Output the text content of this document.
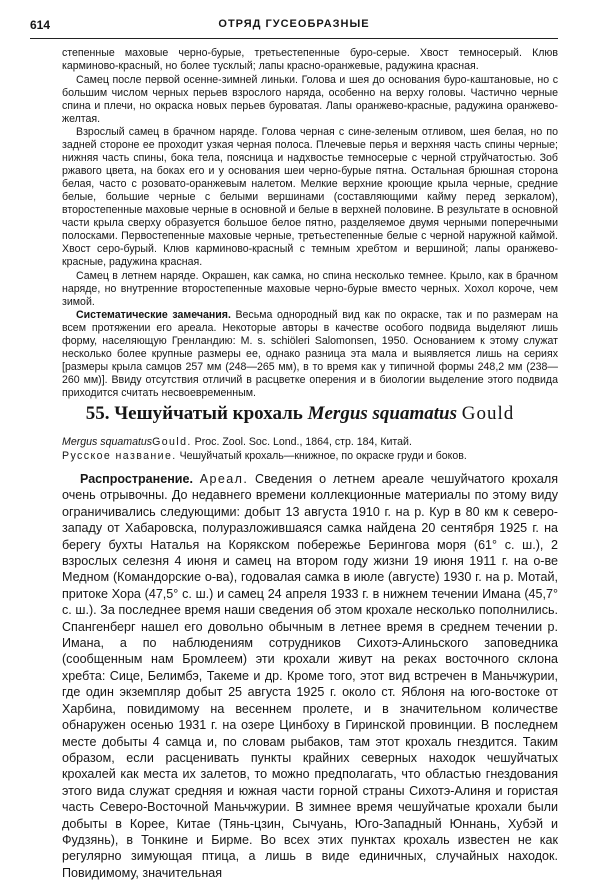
614	ОТРЯД ГУСЕОБРАЗНЫЕ

степенные маховые черно-бурые, третьестепенные буро-серые. Хвост темносерый. Клюв карминово-красный, но более тусклый; лапы красно-оранжевые, радужина красная.

Самец после первой осенне-зимней линьки. Голова и шея до основания буро-каштановые, но с большим числом черных перьев взрослого наряда, особенно на верху головы. Частично черные спина и плечи, но окраска новых перьев буроватая. Лапы оранжево-красные, радужина оранжево-желтая.

Взрослый самец в брачном наряде. Голова черная с сине-зеленым отливом, шея белая, но по задней стороне ее проходит узкая черная полоса. Плечевые перья и верхняя часть спины черные; нижняя часть спины, бока тела, поясница и надхвостье темносерые с черной струйчатостью. Зоб ржавого цвета, на боках его и у основания шеи черно-бурые пятна. Остальная брюшная сторона белая, часто с розовато-оранжевым налетом. Мелкие верхние кроющие крыла черные, средние белые, большие черные с белыми вершинами (составляющими кайму перед зеркалом), второстепенные маховые черные в основной и белые в верхней половине. В результате в основной части крыла сверху образуется большое белое пятно, разделяемое двумя черными поперечными полосками. Первостепенные маховые черные, третьестепенные белые с черной наружной каймой. Хвост серо-бурый. Клюв карминово-красный с темным хребтом и вершиной; лапы оранжево-красные, радужина красная.

Самец в летнем наряде. Окрашен, как самка, но спина несколько темнее. Крыло, как в брачном наряде, но внутренние второстепенные маховые черно-бурые вместо черных. Хохол короче, чем зимой.

Систематические замечания. Весьма однородный вид как по окраске, так и по размерам на всем протяжении его ареала. Некоторые авторы в качестве особого подвида выделяют лишь форму, населяющую Гренландию: M. s. schiöleri Salomonsen, 1950. Основанием к этому служат несколько более крупные размеры ее, однако разница эта мала и выявляется лишь на сериях [размеры крыла самцов 257 мм (248—265 мм), в то время как у типичной формы 248,2 мм (238—260 мм)]. Ввиду отсутствия отличий в расцветке оперения и в биологии выделение этого подвида приходится считать несвоевременным.

55. Чешуйчатый крохаль Mergus squamatus Gould

Mergus squamatusGould. Proc. Zool. Soc. Lond., 1864, стр. 184, Китай.
Русское название. Чешуйчатый крохаль—книжное, по окраске груди и боков.

Распространение. Ареал. Сведения о летнем ареале чешуйчатого крохаля очень отрывочны. До недавнего времени коллекционные материалы по этому виду ограничивались следующими: добыт 13 августа 1910 г. на р. Кур в 80 км к северо-западу от Хабаровска, полуразложившаяся самка найдена 20 сентября 1925 г. на берегу бухты Наталья на Корякском побережье Берингова моря (61° с. ш.), 2 взрослых селезня 4 июня и самец на втором году жизни 19 июня 1911 г. на о-ве Медном (Командорские о-ва), годовалая самка в июле (августе) 1930 г. на р. Мотай, притоке Хора (47,5° с. ш.) и самец 24 апреля 1933 г. в нижнем течении Имана (45,7° с. ш.). За последнее время наши сведения об этом крохале несколько пополнились. Спангенберг нашел его довольно обычным в летнее время в среднем течении р. Имана, а по наблюдениям сотрудников Сихотэ-Алиньского заповедника (сообщенным нам Бромлеем) эти крохали живут на реках восточного склона хребта: Сице, Белимбэ, Такеме и др. Кроме того, этот вид встречен в Маньчжурии, где один экземпляр добыт 25 августа 1925 г. около ст. Яблоня на юго-востоке от Харбина, повидимому на весеннем пролете, и в значительном количестве обнаружен осенью 1931 г. на озере Цинбоху в Гиринской провинции. В последнем месте добыты 4 самца и, по словам рыбаков, там этот крохаль гнездится. Таким образом, если расценивать пункты крайних северных находок чешуйчатых крохалей как места их залетов, то можно предполагать, что областью гнездования этого вида служат средняя и южная части горной страны Сихотэ-Алиня и гористая часть Северо-Восточной Маньчжурии. В зимнее время чешуйчатые крохали были добыты в Корее, Китае (Тянь-цзин, Сычуань, Юго-Западный Юннань, Хубэй и Фудзянь), в Тонкине и Бирме. Во всех этих пунктах крохаль известен не как регулярно зимующая птица, а лишь в виде единичных, случайных находок. Повидимому, значительная
